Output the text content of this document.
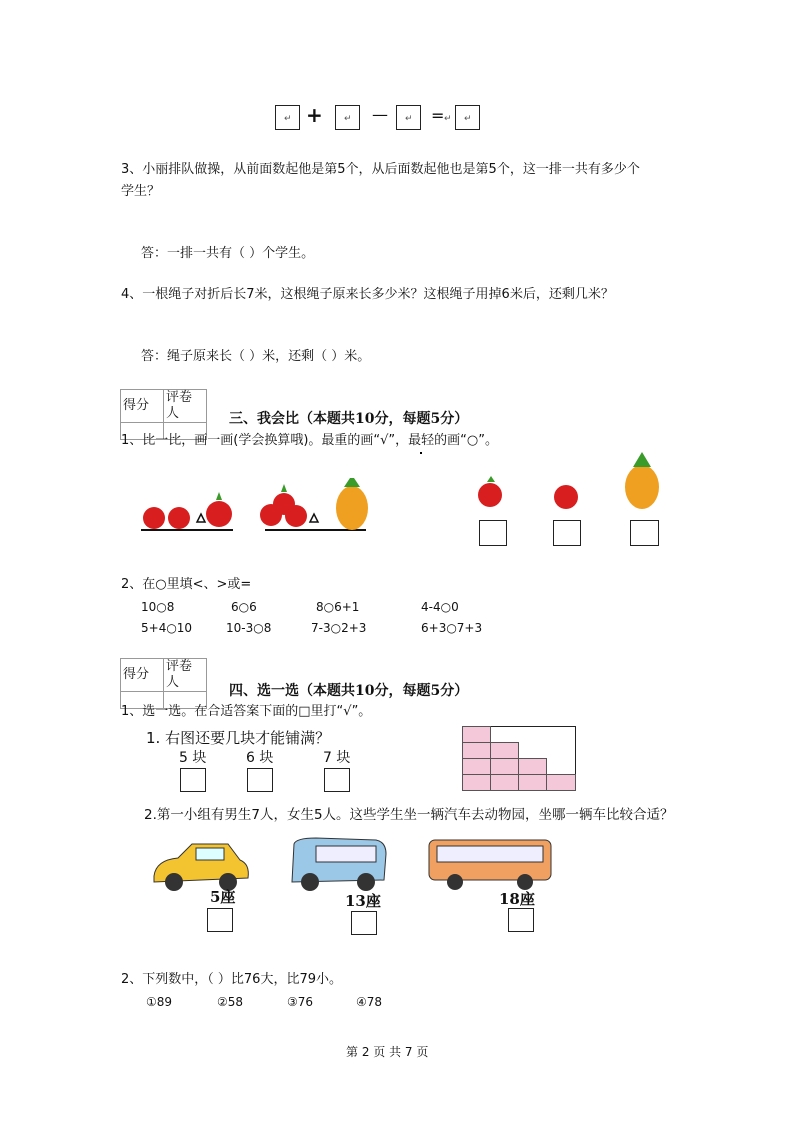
↵ + ↵ — ↵ = ↵ ↵
3、小丽排队做操，从前面数起他是第5个，从后面数起他也是第5个，这一排一共有多少个
学生？
答：一排一共有（ ）个学生。
4、一根绳子对折后长7米，这根绳子原来长多少米？这根绳子用掉6米后，还剩几米？
答：绳子原来长（ ）米，还剩（ ）米。
得分	评卷人
		三、我会比（本题共10分，每题5分）
1、比一比，画一画(学会换算哦)。最重的画“√”，最轻的画“○”。
2、在○里填<、>或=
10○8	6○6	8○6+1	4-4○0
5+4○10	10-3○8	7-3○2+3	6+3○7+3
得分	评卷人

四、选一选（本题共10分，每题5分）
1、选一选。在合适答案下面的□里打“√”。
1. 右图还要几块才能铺满？
5 块	6 块	7 块
2.第一小组有男生7人，女生5人。这些学生坐一辆汽车去动物园，坐哪一辆车比较合适？
5座	13座	18座
2、下列数中，（ ）比76大，比79小。
①89	②58	③76	④78
第 2 页 共 7 页
